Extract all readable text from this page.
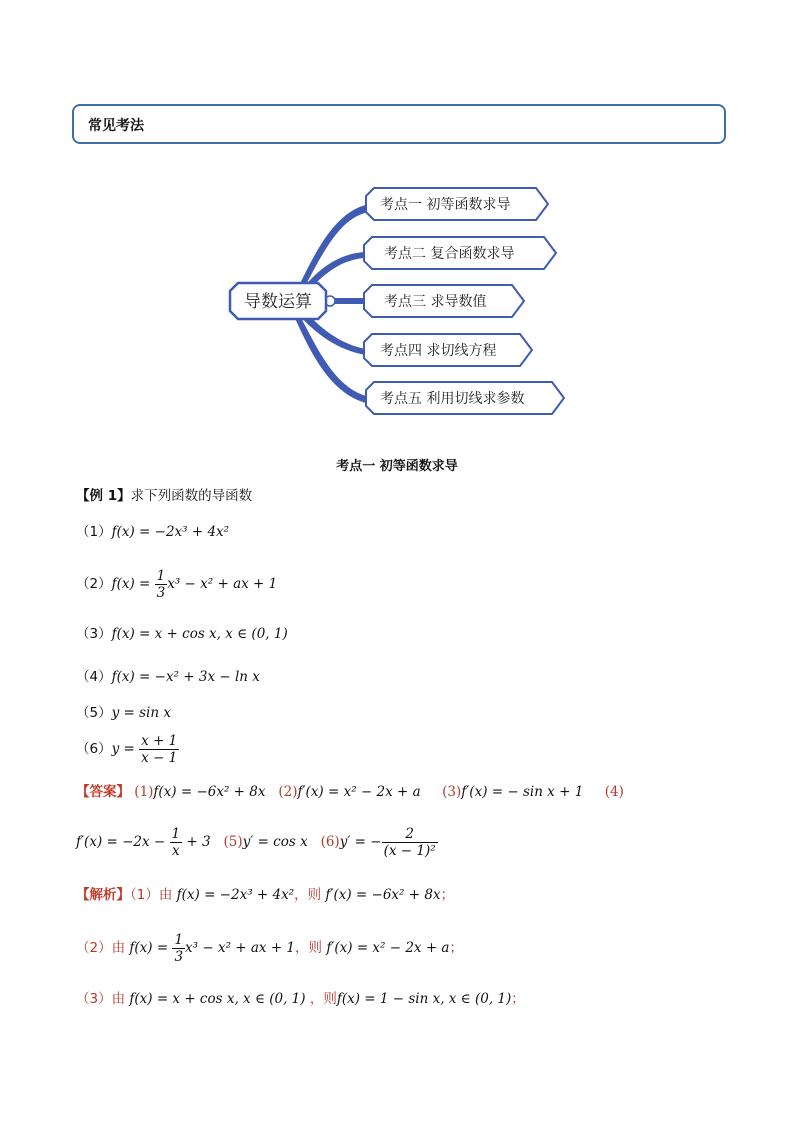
常见考法
导数运算
考点一 初等函数求导
考点二 复合函数求导
考点三 求导数值
考点四 求切线方程
考点五 利用切线求参数
考点一 初等函数求导
【例 1】求下列函数的导函数
（1）f(x) = −2x³ + 4x²
$(2)f(x) = \frac{1}{3} x^3 - x^2$ + ax + 1
（3）f(x) = x + cos x, x ∈ (0, 1)
（4）f(x) = −x² + 3x − ln x
（5）y = sin x
$(6)y = \frac{x + 1}{x - 1}$
【答案】 (1)f(x) = −6x² + 8x (2)f′(x) = x² − 2x + a (3)f′(x) = − sin x + 1 (4)
$f'(x) = -2x - \frac{1}{x} + 3$ (5)y′ = cos x (6)y′ = − $\frac{2}{\text{(x − 1)²}}$
【解析】（1）由 f(x) = −2x³ + 4x²，则 f′(x) = −6x² + 8x；
（2）由 $f(x) = \frac{1}{3} x^3 - x^2$ + ax + 1，则 f′(x) = x² − 2x + a；
（3）由 f(x) = x + cos x, x ∈ (0, 1) ，则f(x) = 1 − sin x, x ∈ (0, 1)；
